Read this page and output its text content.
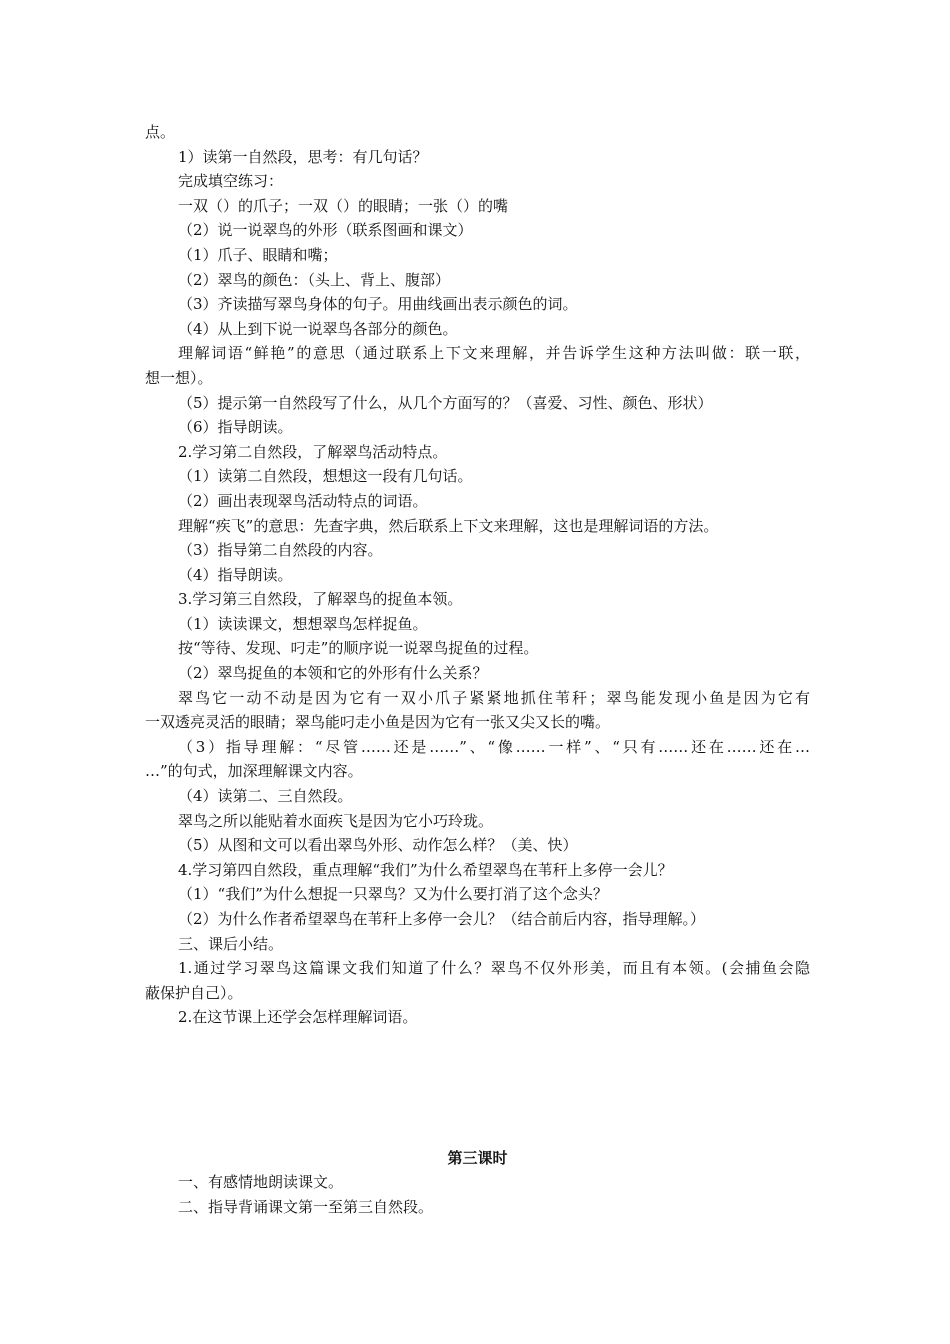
点。
1）读第一自然段，思考：有几句话？
完成填空练习：
一双（）的爪子；一双（）的眼睛；一张（）的嘴
（2）说一说翠鸟的外形（联系图画和课文）
（1）爪子、眼睛和嘴；
（2）翠鸟的颜色：（头上、背上、腹部）
（3）齐读描写翠鸟身体的句子。用曲线画出表示颜色的词。
（4）从上到下说一说翠鸟各部分的颜色。
理解词语“鲜艳”的意思（通过联系上下文来理解，并告诉学生这种方法叫做：联一联，
想一想）。
（5）提示第一自然段写了什么，从几个方面写的？（喜爱、习性、颜色、形状）
（6）指导朗读。
2.学习第二自然段，了解翠鸟活动特点。
（1）读第二自然段，想想这一段有几句话。
（2）画出表现翠鸟活动特点的词语。
理解“疾飞”的意思：先查字典，然后联系上下文来理解，这也是理解词语的方法。
（3）指导第二自然段的内容。
（4）指导朗读。
3.学习第三自然段，了解翠鸟的捉鱼本领。
（1）读读课文，想想翠鸟怎样捉鱼。
按“等待、发现、叼走”的顺序说一说翠鸟捉鱼的过程。
（2）翠鸟捉鱼的本领和它的外形有什么关系？
翠鸟它一动不动是因为它有一双小爪子紧紧地抓住苇秆；翠鸟能发现小鱼是因为它有
一双透亮灵活的眼睛；翠鸟能叼走小鱼是因为它有一张又尖又长的嘴。
（3）指导理解：“尽管……还是……”、“像……一样”、“只有……还在……还在…
…”的句式，加深理解课文内容。
（4）读第二、三自然段。
翠鸟之所以能贴着水面疾飞是因为它小巧玲珑。
（5）从图和文可以看出翠鸟外形、动作怎么样？（美、快）
4.学习第四自然段，重点理解“我们”为什么希望翠鸟在苇秆上多停一会儿？
（1）“我们”为什么想捉一只翠鸟？又为什么要打消了这个念头？
（2）为什么作者希望翠鸟在苇秆上多停一会儿？（结合前后内容，指导理解。）
三、课后小结。
1.通过学习翠鸟这篇课文我们知道了什么？翠鸟不仅外形美，而且有本领。(会捕鱼会隐
蔽保护自己）。
2.在这节课上还学会怎样理解词语。
第三课时
一、有感情地朗读课文。
二、指导背诵课文第一至第三自然段。
